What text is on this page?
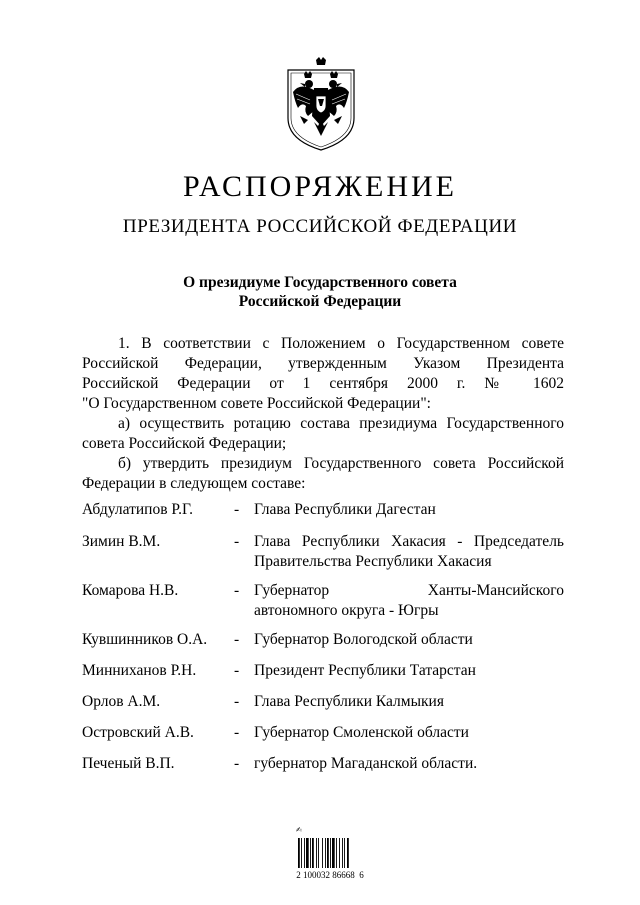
РАСПОРЯЖЕНИЕ
ПРЕЗИДЕНТА РОССИЙСКОЙ ФЕДЕРАЦИИ
О президиуме Государственного совета
Российской Федерации

1. В соответствии с Положением о Государственном совете

Российской Федерации, утвержденным Указом Президента

Российской Федерации от 1 сентября 2000 г. № 1602

"О Государственном совете Российской Федерации":

а) осуществить ротацию состава президиума Государственного

совета Российской Федерации;

б) утвердить президиум Государственного совета Российской

Федерации в следующем составе:

Абдулатипов Р.Г.	- Глава Республики Дагестан
Зимин В.М.	- Глава Республики Хакасия - Председатель
Правительства Республики Хакасия
Комарова Н.В.	- Губернатор Ханты-Мансийского
автономного округа - Югры
Кувшинников О.А.	- Губернатор Вологодской области
Минниханов Р.Н.	- Президент Республики Татарстан
Орлов А.М.	- Глава Республики Калмыкия
Островский А.В.	- Губернатор Смоленской области
Печеный В.П.	- губернатор Магаданской области.
✍
2 100032 86668  6
